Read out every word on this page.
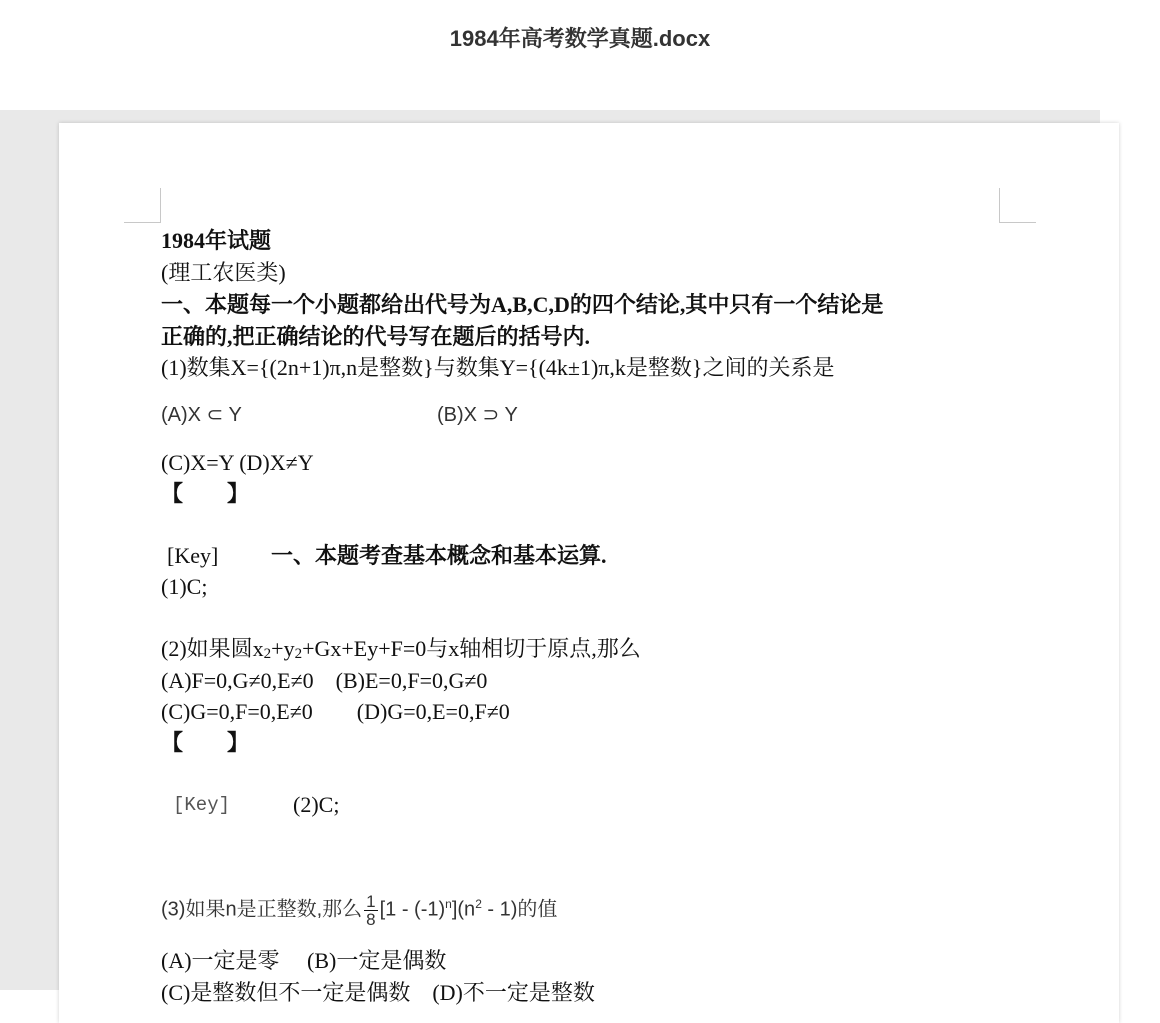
1984年高考数学真题.docx
1984年试题
(理工农医类)
一、本题每一个小题都给出代号为A,B,C,D的四个结论,其中只有一个结论是
正确的,把正确结论的代号写在题后的括号内.
(1)数集X={(2n+1)π,n是整数}与数集Y={(4k±1)π,k是整数}之间的关系是
(A)X ⊂ Y	(B)X ⊃ Y
(C)X=Y (D)X≠Y
【　　】
[Key] 一、本题考查基本概念和基本运算.
(1)C;
(2)如果圆$x_2+y_2+Gx+Ey+F=0$与x轴相切于原点,那么
(A)F=0,G≠0,E≠0　(B)E=0,F=0,G≠0
(C)G=0,F=0,E≠0　　(D)G=0,E=0,F≠0
【　　】
[Key]	(2)C;
(3)如果n是正整数,那么 $\frac{1}{8} [1 - (-1)^n](n^2 - 1)$的值
(A)一定是零　 (B)一定是偶数
(C)是整数但不一定是偶数　(D)不一定是整数
